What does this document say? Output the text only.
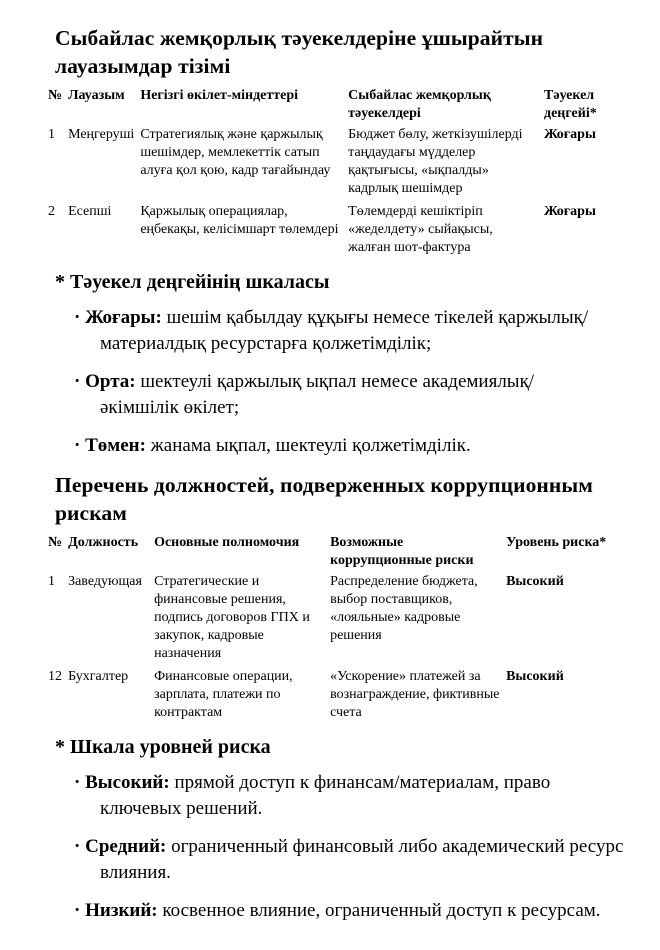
Сыбайлас жемқорлық тәуекелдеріне ұшырайтын лауазымдар тізімі
№	Лауазым	Негізгі өкілет-міндеттері	Сыбайлас жемқорлық тәуекелдері	Тәуекел деңгейі*
1	Меңгеруші	Стратегиялық және қаржылық шешімдер, мемлекеттік сатып алуға қол қою, кадр тағайындау	Бюджет бөлу, жеткізушілерді таңдаудағы мүдделер қақтығысы, «ықпалды» кадрлық шешімдер	Жоғары
2	Есепші	Қаржылық операциялар, еңбекақы, келісімшарт төлемдері	Төлемдерді кешіктіріп «жеделдету» сыйақысы, жалған шот-фактура	Жоғары
* Тәуекел деңгейінің шкаласы
· Жоғары: шешім қабылдау құқығы немесе тікелей қаржылық/материалдық ресурстарға қолжетімділік;
· Орта: шектеулі қаржылық ықпал немесе академиялық/ әкімшілік өкілет;
· Төмен: жанама ықпал, шектеулі қолжетімділік.
Перечень должностей, подверженных коррупционным рискам
№	Должность	Основные полномочия	Возможные коррупционные риски	Уровень риска*
1	Заведующая	Стратегические и финансовые решения, подпись договоров ГПХ и закупок, кадровые назначения	Распределение бюджета, выбор поставщиков, «лояльные» кадровые решения	Высокий
12	Бухгалтер	Финансовые операции, зарплата, платежи по контрактам	«Ускорение» платежей за вознаграждение, фиктивные счета	Высокий
* Шкала уровней риска
· Высокий: прямой доступ к финансам/материалам, право ключевых решений.
· Средний: ограниченный финансовый либо академический ресурс влияния.
· Низкий: косвенное влияние, ограниченный доступ к ресурсам.
